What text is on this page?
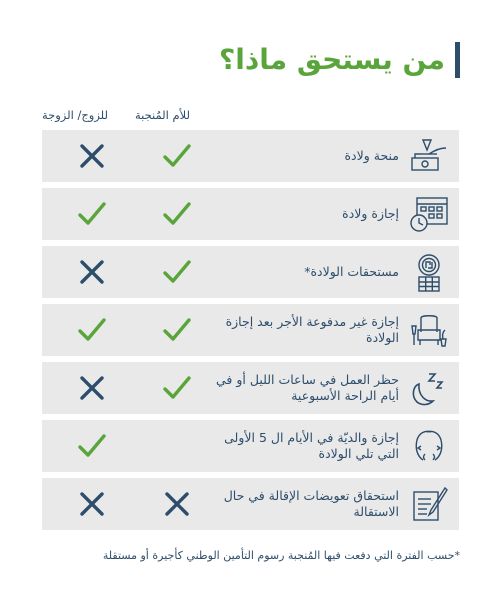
من يستحق ماذا؟
للأم المُنجبة
للزوج/ الزوجة
منحة ولادة
إجازة ولادة
مستحقات الولادة*
إجازة غير مدفوعة الأجر بعد إجازة الولادة
حظر العمل في ساعات الليل أو في أيام الراحة الأسبوعية
إجازة والديّة في الأيام ال 5 الأولى التي تلي الولادة
استحقاق تعويضات الإقالة في حال الاستقالة
*حسب الفترة التي دفعت فيها المُنجبة رسوم التأمين الوطني كأجيرة أو مستقلة
